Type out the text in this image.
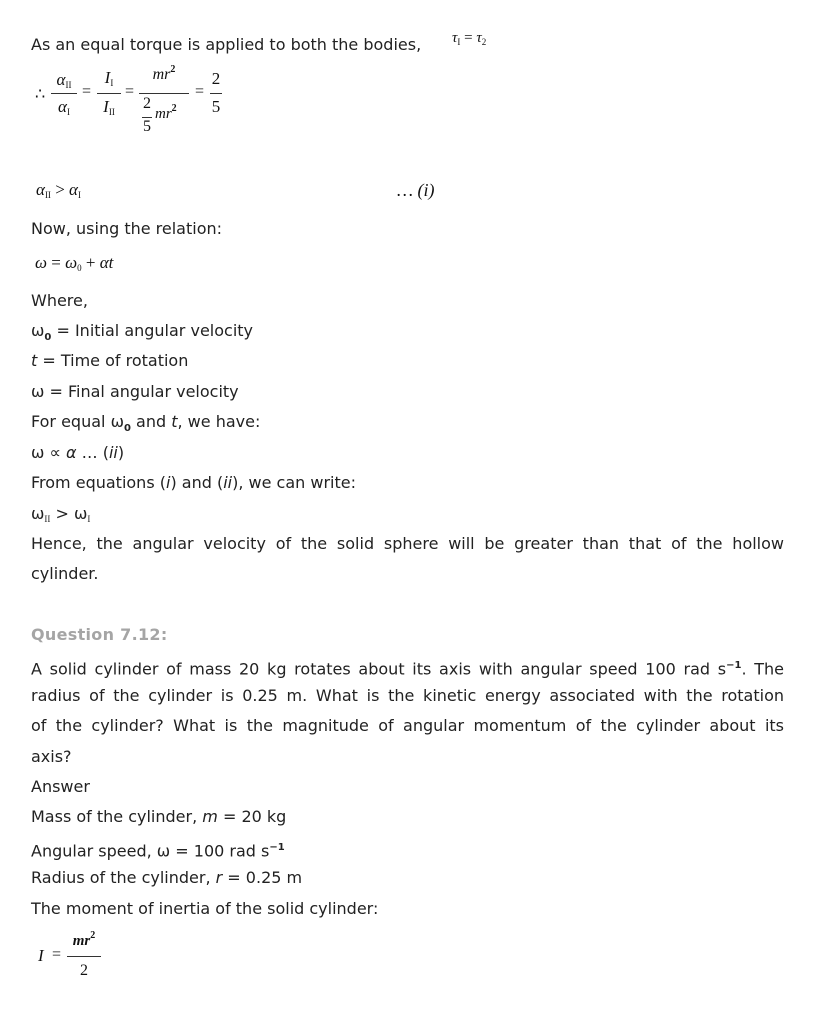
As an equal torque is applied to both the bodies, $\tau_I = \tau_2$
∴
$\alpha_{II}$
$\alpha_I$
=
$I_I$
$I_{II}$
=
$mr^2$
2
5
$mr^2$
=
2
5
$\alpha_{II} > \alpha_I$	… (i)
Now, using the relation:
$\omega = \omega_0 + \alpha t$
Where,
$\omega_0$ = Initial angular velocity
t = Time of rotation
ω = Final angular velocity
For equal $\omega_0$ and t, we have:
ω ∝ α … (ii)
From equations (i) and (ii), we can write:
$\omega_{II} > \omega_I$
Hence, the angular velocity of the solid sphere will be greater than that of the hollow
cylinder.
Question 7.12:
A solid cylinder of mass 20 kg rotates about its axis with angular speed 100 rad $s^{-1}$. The
radius of the cylinder is 0.25 m. What is the kinetic energy associated with the rotation
of the cylinder? What is the magnitude of angular momentum of the cylinder about its
axis?
Answer
Mass of the cylinder, m = 20 kg
Angular speed, ω = 100 rad $s^{-1}$
Radius of the cylinder, r = 0.25 m
The moment of inertia of the solid cylinder:
I =
$mr^2$
2
